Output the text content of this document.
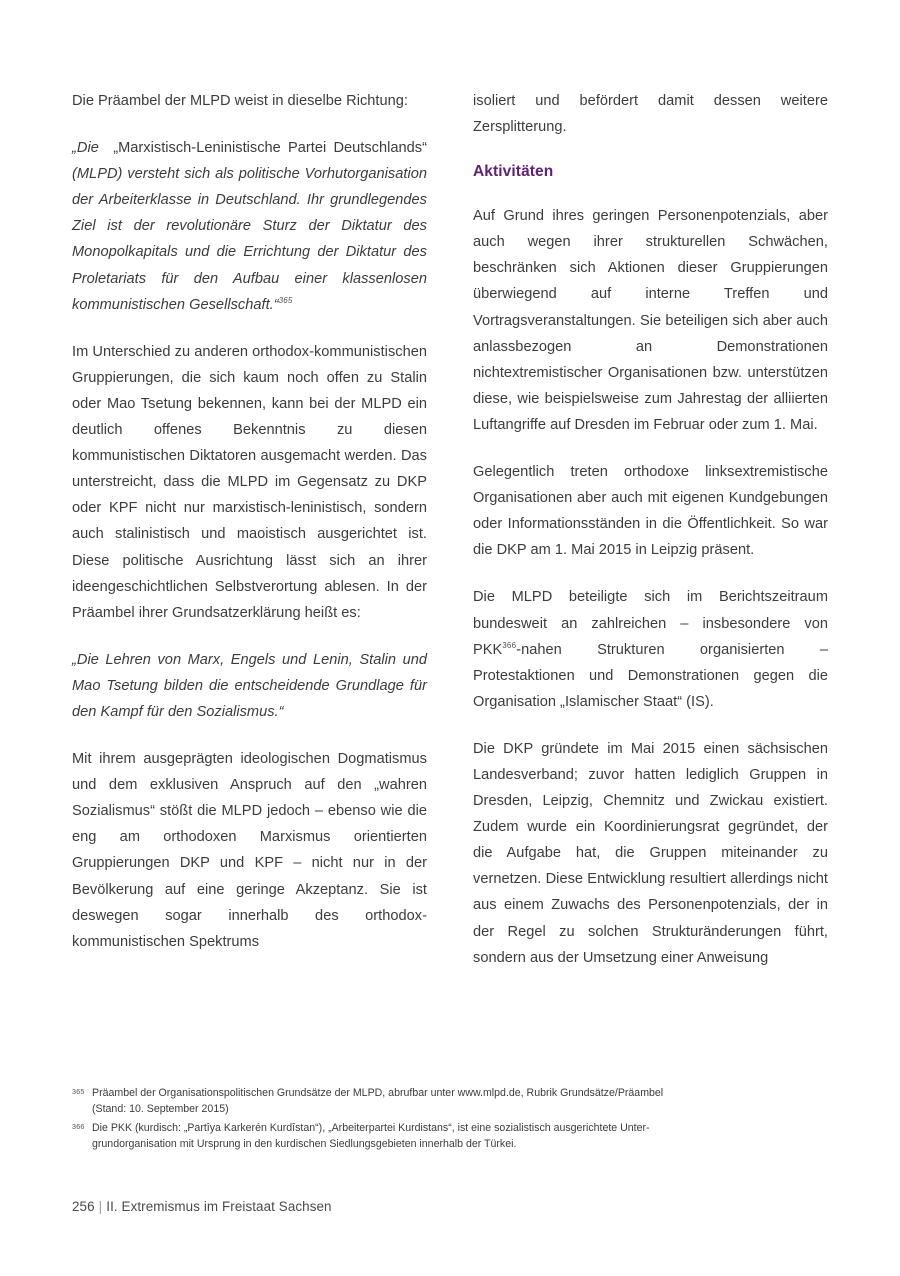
Die Präambel der MLPD weist in dieselbe Richtung:

„Die „Marxistisch-Leninistische Partei Deutschlands“ (MLPD) versteht sich als politische Vorhutorganisation der Arbeiterklasse in Deutschland. Ihr grundlegendes Ziel ist der revolutionäre Sturz der Diktatur des Monopolkapitals und die Errichtung der Diktatur des Proletariats für den Aufbau einer klassenlosen kommunistischen Gesellschaft.“$^{365}$

Im Unterschied zu anderen orthodox-kommunistischen Gruppierungen, die sich kaum noch offen zu Stalin oder Mao Tsetung bekennen, kann bei der MLPD ein deutlich offenes Bekenntnis zu diesen kommunistischen Diktatoren ausgemacht werden. Das unterstreicht, dass die MLPD im Gegensatz zu DKP oder KPF nicht nur marxistisch-leninistisch, sondern auch stalinistisch und maoistisch ausgerichtet ist. Diese politische Ausrichtung lässt sich an ihrer ideengeschichtlichen Selbstverortung ablesen. In der Präambel ihrer Grundsatzerklärung heißt es:

„Die Lehren von Marx, Engels und Lenin, Stalin und Mao Tsetung bilden die entscheidende Grundlage für den Kampf für den Sozialismus.“

Mit ihrem ausgeprägten ideologischen Dogmatismus und dem exklusiven Anspruch auf den „wahren Sozialismus“ stößt die MLPD jedoch – ebenso wie die eng am orthodoxen Marxismus orientierten Gruppierungen DKP und KPF – nicht nur in der Bevölkerung auf eine geringe Akzeptanz. Sie ist deswegen sogar innerhalb des orthodox-kommunistischen Spektrums

isoliert und befördert damit dessen weitere Zersplitterung.

Aktivitäten

Auf Grund ihres geringen Personenpotenzials, aber auch wegen ihrer strukturellen Schwächen, beschränken sich Aktionen dieser Gruppierungen überwiegend auf interne Treffen und Vortragsveranstaltungen. Sie beteiligen sich aber auch anlassbezogen an Demonstrationen nichtextremistischer Organisationen bzw. unterstützen diese, wie beispielsweise zum Jahrestag der alliierten Luftangriffe auf Dresden im Februar oder zum 1. Mai.

Gelegentlich treten orthodoxe linksextremistische Organisationen aber auch mit eigenen Kundgebungen oder Informationsständen in die Öffentlichkeit. So war die DKP am 1. Mai 2015 in Leipzig präsent.

Die MLPD beteiligte sich im Berichtszeitraum bundesweit an zahlreichen – insbesondere von PKK$^{366}$-nahen Strukturen organisierten – Protestaktionen und Demonstrationen gegen die Organisation „Islamischer Staat“ (IS).

Die DKP gründete im Mai 2015 einen sächsischen Landesverband; zuvor hatten lediglich Gruppen in Dresden, Leipzig, Chemnitz und Zwickau existiert. Zudem wurde ein Koordinierungsrat gegründet, der die Aufgabe hat, die Gruppen miteinander zu vernetzen. Diese Entwicklung resultiert allerdings nicht aus einem Zuwachs des Personenpotenzials, der in der Regel zu solchen Strukturänderungen führt, sondern aus der Umsetzung einer Anweisung

365 Präambel der Organisationspolitischen Grundsätze der MLPD, abrufbar unter www.mlpd.de, Rubrik Grundsätze/Präambel
(Stand: 10. September 2015)
366 Die PKK (kurdisch: „Partîya Karkerén Kurdîstan“), „Arbeiterpartei Kurdistans“, ist eine sozialistisch ausgerichtete Unter-
grundorganisation mit Ursprung in den kurdischen Siedlungsgebieten innerhalb der Türkei.
256 | II. Extremismus im Freistaat Sachsen
